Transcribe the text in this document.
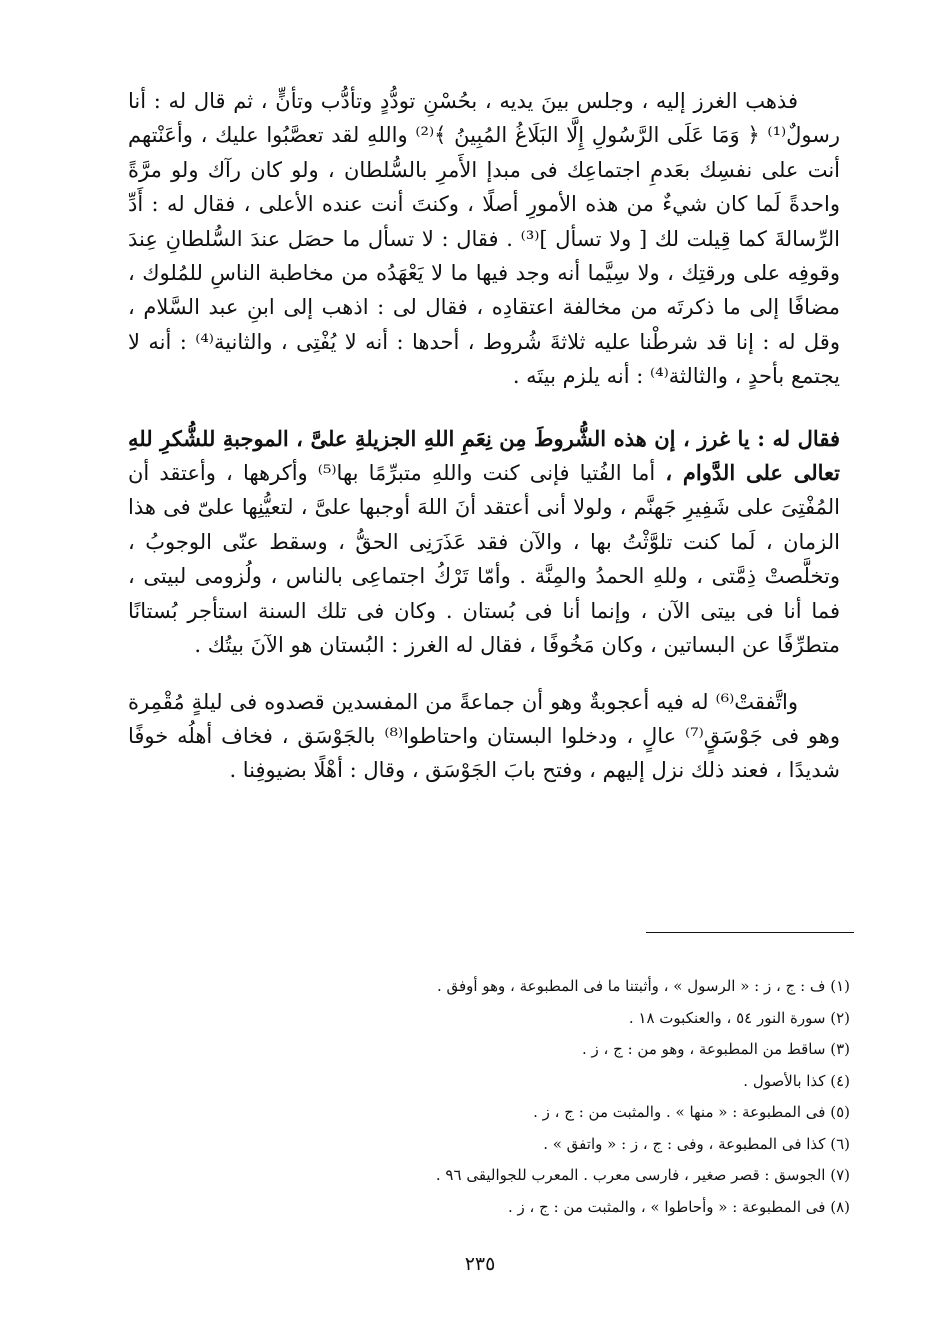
فذهب الغرز إليه ، وجلس بينَ يديه ، بحُسْنِ تودُّدٍ وتأدُّب وتأنٍّ ، ثم قال له : أنا رسولٌ⁽¹⁾ ﴿ وَمَا عَلَى الرَّسُولِ إِلَّا البَلَاغُ المُبِينُ ﴾⁽²⁾ واللهِ لقد تعصَّبُوا عليك ، وأعَنْتهم أنت على نفسِك بعَدمِ اجتماعِك فى مبدإ الأَمرِ بالسُّلطان ، ولو كان رآك ولو مرَّةً واحدةً لَما كان شيءٌ من هذه الأمورِ أصلًا ، وكنتَ أنت عنده الأعلى ، فقال له : أَدِّ الرِّسالةَ كما قِيلت لك [ ولا تسأل ]⁽³⁾ . فقال : لا تسأل ما حصَل عندَ السُّلطانِ عِندَ وقوفِه على ورقتِك ، ولا سِيَّما أنه وجد فيها ما لا يَعْهَدُه من مخاطبة الناسِ للمُلوك ، مضافًا إلى ما ذكرتَه من مخالفة اعتقادِه ، فقال لى : اذهب إلى ابنِ عبد السَّلام ، وقل له : إنا قد شرطْنا عليه ثلاثةَ شُروط ، أحدها : أنه لا يُفْتِى ، والثانية⁽⁴⁾ : أنه لا يجتمع بأحدٍ ، والثالثة⁽⁴⁾ : أنه يلزم بيتَه .

فقال له : يا غرز ، إن هذه الشُّروطَ مِن نِعَمِ اللهِ الجزيلةِ علىَّ ، الموجبةِ للشُّكرِ للهِ تعالى على الدَّوام ، أما الفُتيا فإنى كنت واللهِ متبرِّمًا بها⁽⁵⁾ وأكرهها ، وأعتقد أن المُفْتِىَ على شَفِيرِ جَهنَّم ، ولولا أنى أعتقد أنَ اللهَ أوجبها علىَّ ، لتعيُّنِها علىّ فى هذا الزمان ، لَما كنت تلوَّثْتُ بها ، والآن فقد عَذَرَنِى الحقُّ ، وسقط عنّى الوجوبُ ، وتخلَّصتْ ذِمَّتى ، وللهِ الحمدُ والمِنَّة . وأمّا تَرْكُ اجتماعِى بالناس ، ولُزومى لبيتى ، فما أنا فى بيتى الآن ، وإنما أنا فى بُستان . وكان فى تلك السنة استأجر بُستانًا متطرِّفًا عن البساتين ، وكان مَخُوفًا ، فقال له الغرز : البُستان هو الآنَ بيتُك .

واتَّفقتْ⁽⁶⁾ له فيه أعجوبةٌ وهو أن جماعةً من المفسدين قصدوه فى ليلةٍ مُقْمِرة وهو فى جَوْسَقٍ⁽⁷⁾ عالٍ ، ودخلوا البستان واحتاطوا⁽⁸⁾ بالجَوْسَق ، فخاف أهلُه خوفًا شديدًا ، فعند ذلك نزل إليهم ، وفتح بابَ الجَوْسَق ، وقال : أهْلًا بضيوفِنا .

(١) ف : ج ، ز : « الرسول » ، وأثبتنا ما فى المطبوعة ، وهو أوفق .

(٢) سورة النور ٥٤ ، والعنكبوت ١٨ .

(٣) ساقط من المطبوعة ، وهو من : ج ، ز .

(٤) كذا بالأصول .

(٥) فى المطبوعة : « منها » . والمثبت من : ج ، ز .

(٦) كذا فى المطبوعة ، وفى : ج ، ز : « واتفق » .

(٧) الجوسق : قصر صغير ، فارسى معرب . المعرب للجواليقى ٩٦ .

(٨) فى المطبوعة : « وأحاطوا » ، والمثبت من : ج ، ز .

٢٣٥
